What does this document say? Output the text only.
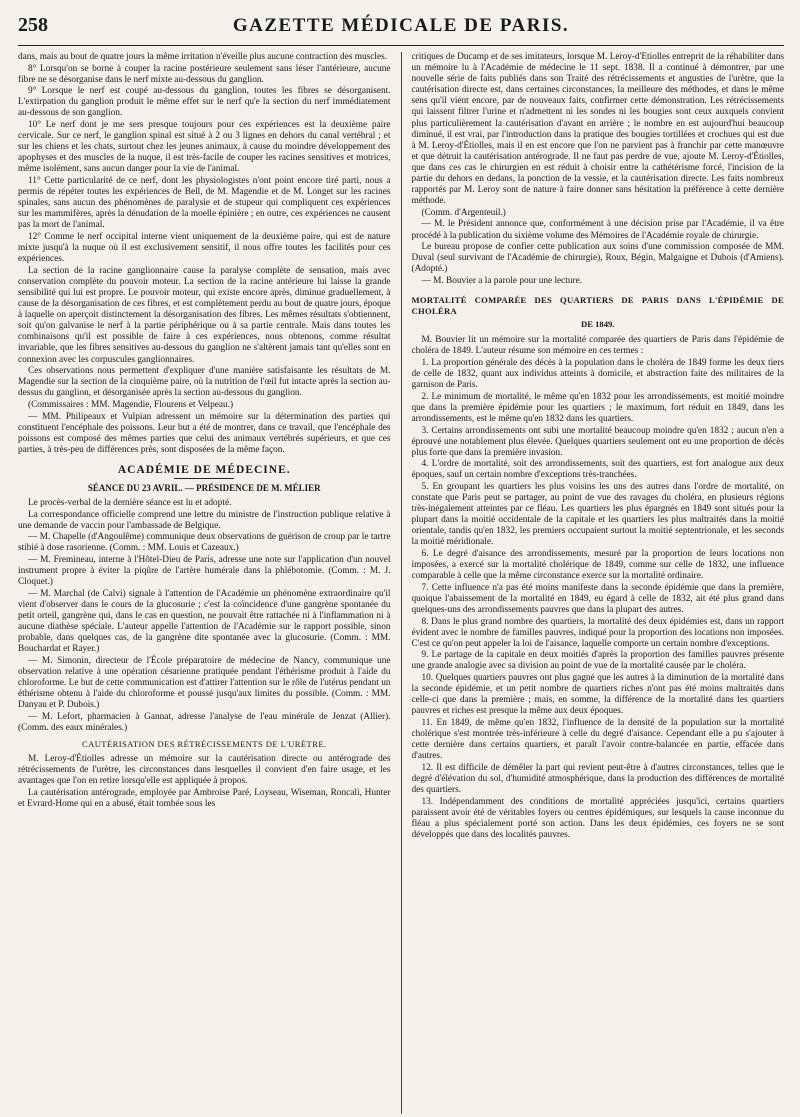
258	GAZETTE MÉDICALE DE PARIS.

dans, mais au bout de quatre jours la même irritation n'éveille plus aucune contraction des muscles.

8° Lorsqu'on se borne à couper la racine postérieure seulement sans léser l'antérieure, aucune fibre ne se désorganise dans le nerf mixte au-dessous du ganglion.

9° Lorsque le nerf est coupé au-dessous du ganglion, toutes les fibres se désorganisent. L'extirpation du ganglion produit le même effet sur le nerf qu'e la section du nerf immédiatement au-dessous de son ganglion.

10° Le nerf dont je me sers presque toujours pour ces expériences est la deuxième paire cervicale. Sur ce nerf, le ganglion spinal est situé à 2 ou 3 lignes en dehors du canal vertébral ; et sur les chiens et les chats, surtout chez les jeunes animaux, à cause du moindre développement des apophyses et des muscles de la nuque, il est très-facile de couper les racines sensitives et motrices, même isolément, sans aucun danger pour la vie de l'animal.

11° Cette particularité de ce nerf, dont les physiologistes n'ont point encore tiré parti, nous a permis de répéter toutes les expériences de Bell, de M. Magendie et de M. Longet sur les racines spinales, sans aucun des phénomènes de paralysie et de stupeur qui compliquent ces expériences sur les mammifères, après la dénudation de la moelle épinière ; en outre, ces expériences ne causent pas la mort de l'animal.

12° Comme le nerf occipital interne vient uniquement de la deuxième paire, qui est de nature mixte jusqu'à la nuque où il est exclusivement sensitif, il nous offre toutes les facilités pour ces expériences.

La section de la racine ganglionnaire cause la paralyse complète de sensation, mais avec conservation complète du pouvoir moteur. La section de la racine antérieure lui laisse la grande sensibilité qui lui est propre. Le pouvoir moteur, qui existe encore après, diminue graduellement, à cause de la désorganisation de ces fibres, et est complètement perdu au bout de quatre jours, époque à laquelle on aperçoit distinctement la désorganisation des fibres. Les mêmes résultats s'obtiennent, soit qu'on galvanise le nerf à la partie périphérique ou à sa partie centrale. Mais dans toutes les combinaisons qu'il est possible de faire à ces expériences, nous obtenons, comme résultat invariable, que les fibres sensitives au-dessous du ganglion ne s'altèrent jamais tant qu'elles sont en connexion avec les corpuscules ganglionnaires.

Ces observations nous permettent d'expliquer d'une manière satisfaisante les résultats de M. Magendie sur la section de la cinquième paire, où la nutrition de l'œil fut intacte après la section au-dessus du ganglion, et désorganisée après la section au-dessous du ganglion.

(Commissaires : MM. Magendie, Flourens et Velpeau.)

— MM. Philipeaux et Vulpian adressent un mémoire sur la détermination des parties qui constituent l'encéphale des poissons. Leur but a été de montrer, dans ce travail, que l'encéphale des poissons est composé des mêmes parties que celui des animaux vertébrés supérieurs, et que ces parties, à très-peu de différences près, sont disposées de la même façon.

ACADÉMIE DE MÉDECINE.
SÉANCE DU 23 AVRIL. — PRÉSIDENCE DE M. MÉLIER

Le procès-verbal de la dernière séance est lu et adopté.

La correspondance officielle comprend une lettre du ministre de l'instruction publique relative à une demande de vaccin pour l'ambassade de Belgique.

— M. Chapelle (d'Angoulême) communique deux observations de guérison de croup par le tartre stibié à dose rasorienne. (Comm. : MM. Louis et Cazeaux.)

— M. Fremineau, interne à l'Hôtel-Dieu de Paris, adresse une note sur l'application d'un nouvel instrument propre à éviter la piqûre de l'artère humérale dans la phlébotomie. (Comm. : M. J. Cloquet.)

— M. Marchal (de Calvi) signale à l'attention de l'Académie un phénomène extraordinaire qu'il vient d'observer dans le cours de la glucosurie ; c'est la coïncidence d'une gangrène spontanée du petit orteil, gangrène qui, dans le cas en question, ne pouvait être rattachée ni à l'inflammation ni à aucune diathèse spéciale. L'auteur appelle l'attention de l'Académie sur le rapport possible, sinon probable, dans quelques cas, de la gangrène dite spontanée avec la glucosurie. (Comm. : MM. Bouchardat et Rayer.)

— M. Simonin, directeur de l'École préparatoire de médecine de Nancy, communique une observation relative à une opération césarienne pratiquée pendant l'éthérisme produit à l'aide du chloroforme. Le but de cette communication est d'attirer l'attention sur le rôle de l'utérus pendant un éthérisme obtenu à l'aide du chloroforme et poussé jusqu'aux limites du possible. (Comm. : MM. Danyau et P. Dubois.)

— M. Lefort, pharmacien à Gannat, adresse l'analyse de l'eau minérale de Jenzat (Allier). (Comm. des eaux minérales.)

CAUTÉRISATION DES RÉTRÉCISSEMENTS DE L'URÈTRE.

M. Leroy-d'Étiolles adresse un mémoire sur la cautérisation directe ou antérograde des rétrécissements de l'urètre, les circonstances dans lesquelles il convient d'en faire usage, et les avantages que l'on en retire lorsqu'elle est appliquée à propos.

La cautérisation antérograde, employée par Ambroise Paré, Loyseau, Wiseman, Roncali, Hunter et Evrard-Home qui en a abusé, était tombée sous les

critiques de Ducamp et de ses imitateurs, lorsque M. Leroy-d'Étiolles entreprit de la réhabiliter dans un mémoire lu à l'Académie de médecine le 11 sept. 1838. Il a continué à démontrer, par une nouvelle série de faits publiés dans son Traité des rétrécissements et angusties de l'urètre, que la cautérisation directe est, dans certaines circonstances, la meilleure des méthodes, et dans le même sens qu'il vient encore, par de nouveaux faits, confirmer cette démonstration. Les rétrécissements qui laissent filtrer l'urine et n'admettent ni les sondes ni les bougies sont ceux auxquels convient plus particulièrement la cautérisation d'avant en arrière ; le nombre en est aujourd'hui beaucoup diminué, il est vrai, par l'introduction dans la pratique des bougies tortillées et crochues qui est due à M. Leroy-d'Étiolles, mais il en est encore que l'on ne parvient pas à franchir par cette manœuvre et que détruit la cautérisation antérograde. Il ne faut pas perdre de vue, ajoute M. Leroy-d'Étiolles, que dans ces cas le chirurgien en est réduit à choisir entre la cathétérisme forcé, l'incision de la partie du dehors en dedans, la ponction de la vessie, et la cautérisation directe. Les faits nombreux rapportés par M. Leroy sont de nature à faire donner sans hésitation la préférence à cette dernière méthode.

(Comm. d'Argenteuil.)

— M. le Président annonce que, conformément à une décision prise par l'Académie, il va être procédé à la publication du sixième volume des Mémoires de l'Académie royale de chirurgie.

Le bureau propose de confier cette publication aux soins d'une commission composée de MM. Duval (seul survivant de l'Académie de chirurgie), Roux, Bégin, Malgaigne et Dubois (d'Amiens). (Adopté.)

— M. Bouvier a la parole pour une lecture.

MORTALITÉ COMPARÉE DES QUARTIERS DE PARIS DANS L'ÉPIDÉMIE DE CHOLÉRA
DE 1849.

M. Bouvier lit un mémoire sur la mortalité comparée des quartiers de Paris dans l'épidémie de choléra de 1849. L'auteur résume son mémoire en ces termes :

1. La proportion générale des décès à la population dans le choléra de 1849 forme les deux tiers de celle de 1832, quant aux individus atteints à domicile, et abstraction faite des militaires de la garnison de Paris.

2. Le minimum de mortalité, le même qu'en 1832 pour les arrondissements, est moitié moindre que dans la première épidémie pour les quartiers ; le maximum, fort réduit en 1849, dans les arrondissements, est le même qu'en 1832 dans les quartiers.

3. Certains arrondissements ont subi une mortalité beaucoup moindre qu'en 1832 ; aucun n'en a éprouvé une notablement plus élevée. Quelques quartiers seulement ont eu une proportion de décès plus forte que dans la première invasion.

4. L'ordre de mortalité, soit des arrondissements, soit des quartiers, est fort analogue aux deux époques, sauf un certain nombre d'exceptions très-tranchées.

5. En groupant les quartiers les plus voisins les uns des autres dans l'ordre de mortalité, on constate que Paris peut se partager, au point de vue des ravages du choléra, en plusieurs régions très-inégalement atteintes par ce fléau. Les quartiers les plus épargnés en 1849 sont situés pour la plupart dans la moitié occidentale de la capitale et les quartiers les plus maltraités dans la moitié orientale, tandis qu'en 1832, les premiers occupaient surtout la moitié septentrionale, et les seconds la moitié méridionale.

6. Le degré d'aisance des arrondissements, mesuré par la proportion de leurs locations non imposées, a exercé sur la mortalité cholérique de 1849, comme sur celle de 1832, une influence comparable à celle que la même circonstance exerce sur la mortalité ordinaire.

7. Cette influence n'a pas été moins manifeste dans la seconde épidémie que dans la première, quoique l'abaissement de la mortalité en 1849, eu égard à celle de 1832, ait été plus grand dans quelques-uns des arrondissements pauvres que dans la plupart des autres.

8. Dans le plus grand nombre des quartiers, la mortalité des deux épidémies est, dans un rapport évident avec le nombre de familles pauvres, indiqué pour la proportion des locations non imposées. C'est ce qu'on peut appeler la loi de l'aisance, laquelle comporte un certain nombre d'exceptions.

9. Le partage de la capitale en deux moitiés d'après la proportion des familles pauvres présente une grande analogie avec sa division au point de vue de la mortalité causée par le choléra.

10. Quelques quartiers pauvres ont plus gagné que les autres à la diminution de la mortalité dans la seconde épidémie, et un petit nombre de quartiers riches n'ont pas été moins maltraités dans celle-ci que dans la première ; mais, en somme, la différence de la mortalité dans les quartiers pauvres et riches est presque la même aux deux époques.

11. En 1849, de même qu'en 1832, l'influence de la densité de la population sur la mortalité cholérique s'est montrée très-inférieure à celle du degré d'aisance. Cependant elle a pu s'ajouter à cette dernière dans certains quartiers, et paraît l'avoir contre-balancée en partie, effacée dans d'autres.

12. Il est difficile de démêler la part qui revient peut-être à d'autres circonstances, telles que le degré d'élévation du sol, d'humidité atmosphérique, dans la production des différences de mortalité des quartiers.

13. Indépendamment des conditions de mortalité appréciées jusqu'ici, certains quartiers paraissent avoir été de véritables foyers ou centres épidémiques, sur lesquels la cause inconnue du fléau a plus spécialement porté son action. Dans les deux épidémies, ces foyers ne se sont développés que dans des localités pauvres.
